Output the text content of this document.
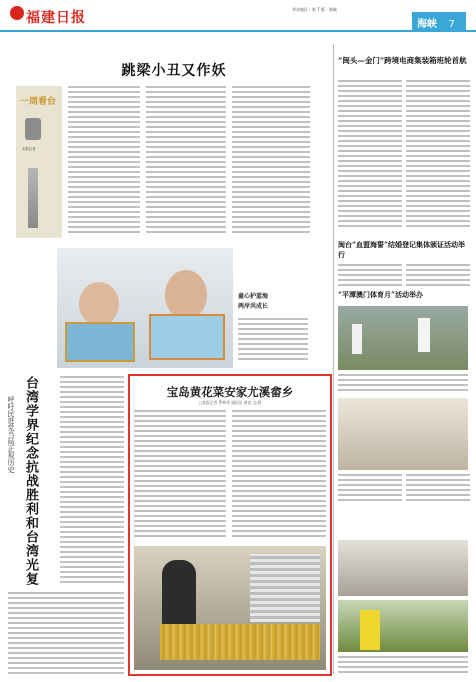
福建日报
华东地区 · 第 7 版 · 海峡
海峡 7
跳梁小丑又作妖
一周看台
本报记者
童心护蓝海
两岸共成长
台湾学界纪念抗战胜利和台湾光复
呼吁民进党当局正视历史
宝岛黄花菜安家尤溪畲乡
□本报记者 罗辉华 通讯员 黄良 文/图
“闽头—金门”跨境电商集装箱班轮首航
闽台“血盟海誓”结婚登记集体颁证活动举行
“平潭澳门体育月”活动举办
